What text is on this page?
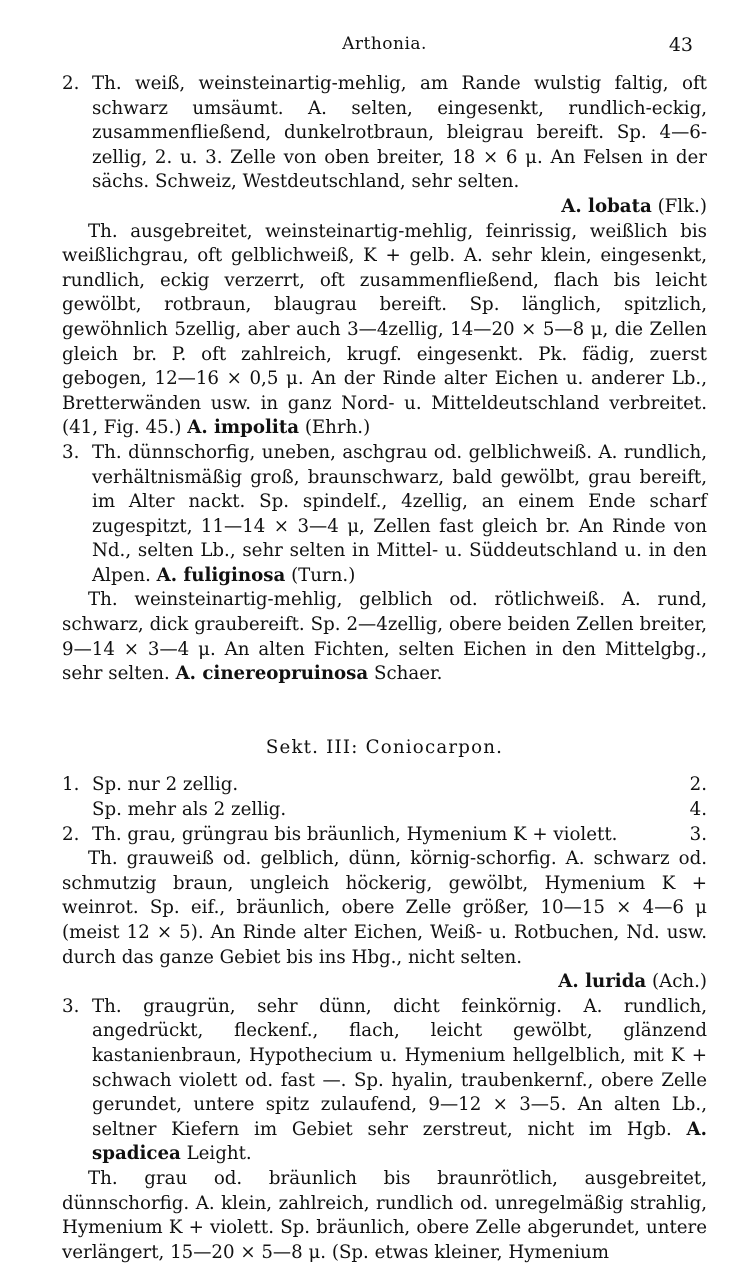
Arthonia.	43

2. Th. weiß, weinsteinartig-mehlig, am Rande wulstig faltig, oft schwarz umsäumt. A. selten, eingesenkt, rundlich-eckig, zusammenfließend, dunkelrotbraun, bleigrau bereift. Sp. 4—6-zellig, 2. u. 3. Zelle von oben breiter, 18 × 6 μ. An Felsen in der sächs. Schweiz, Westdeutschland, sehr selten.

A. lobata (Flk.)

Th. ausgebreitet, weinsteinartig-mehlig, feinrissig, weißlich bis weißlichgrau, oft gelblichweiß, K + gelb. A. sehr klein, eingesenkt, rundlich, eckig verzerrt, oft zusammenfließend, flach bis leicht gewölbt, rotbraun, blaugrau bereift. Sp. länglich, spitzlich, gewöhnlich 5zellig, aber auch 3—4zellig, 14—20 × 5—8 μ, die Zellen gleich br. P. oft zahlreich, krugf. eingesenkt. Pk. fädig, zuerst gebogen, 12—16 × 0,5 μ. An der Rinde alter Eichen u. anderer Lb., Bretterwänden usw. in ganz Nord- u. Mitteldeutschland verbreitet. (41, Fig. 45.) A. impolita (Ehrh.)

3. Th. dünnschorfig, uneben, aschgrau od. gelblichweiß. A. rundlich, verhältnismäßig groß, braunschwarz, bald gewölbt, grau bereift, im Alter nackt. Sp. spindelf., 4zellig, an einem Ende scharf zugespitzt, 11—14 × 3—4 μ, Zellen fast gleich br. An Rinde von Nd., selten Lb., sehr selten in Mittel- u. Süddeutschland u. in den Alpen. A. fuliginosa (Turn.)

Th. weinsteinartig-mehlig, gelblich od. rötlichweiß. A. rund, schwarz, dick graubereift. Sp. 2—4zellig, obere beiden Zellen breiter, 9—14 × 3—4 μ. An alten Fichten, selten Eichen in den Mittelgbg., sehr selten. A. cinereopruinosa Schaer.

Sekt. III: Coniocarpon.
1. Sp. nur 2 zellig.	2.
Sp. mehr als 2 zellig.	4.
2. Th. grau, grüngrau bis bräunlich, Hymenium K + violett.	3.

Th. grauweiß od. gelblich, dünn, körnig-schorfig. A. schwarz od. schmutzig braun, ungleich höckerig, gewölbt, Hymenium K + weinrot. Sp. eif., bräunlich, obere Zelle größer, 10—15 × 4—6 μ (meist 12 × 5). An Rinde alter Eichen, Weiß- u. Rotbuchen, Nd. usw. durch das ganze Gebiet bis ins Hbg., nicht selten.

A. lurida (Ach.)

3. Th. graugrün, sehr dünn, dicht feinkörnig. A. rundlich, angedrückt, fleckenf., flach, leicht gewölbt, glänzend kastanienbraun, Hypothecium u. Hymenium hellgelblich, mit K + schwach violett od. fast —. Sp. hyalin, traubenkernf., obere Zelle gerundet, untere spitz zulaufend, 9—12 × 3—5. An alten Lb., seltner Kiefern im Gebiet sehr zerstreut, nicht im Hgb. A. spadicea Leight.

Th. grau od. bräunlich bis braunrötlich, ausgebreitet, dünnschorfig. A. klein, zahlreich, rundlich od. unregelmäßig strahlig, Hymenium K + violett. Sp. bräunlich, obere Zelle abgerundet, untere verlängert, 15—20 × 5—8 μ. (Sp. etwas kleiner, Hymenium
